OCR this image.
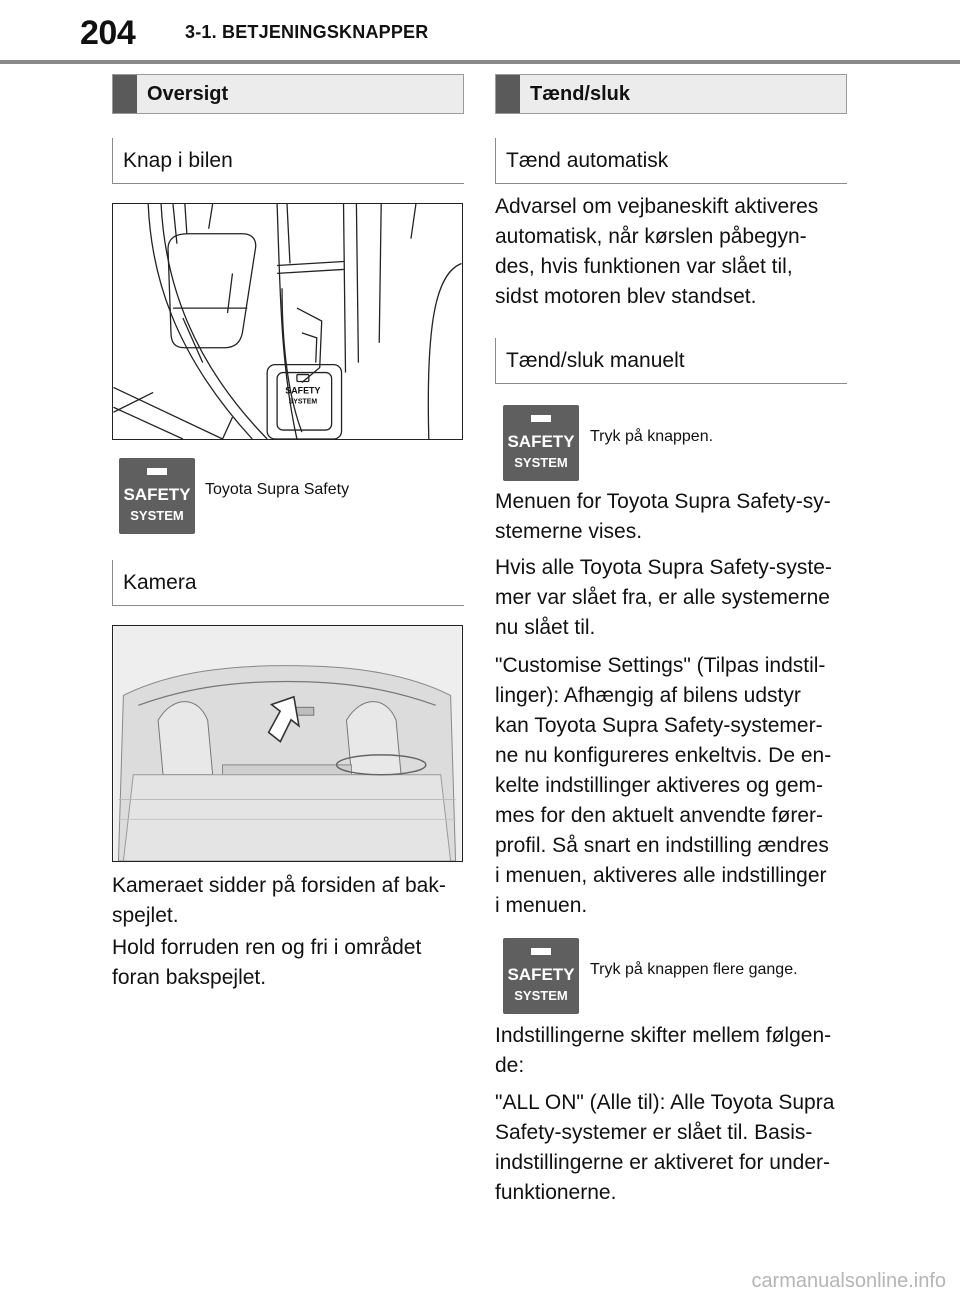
204	3-1. BETJENINGSKNAPPER
Oversigt
Knap i bilen
SAFETY
SYSTEM
SAFETY
SYSTEM
Toyota Supra Safety
Kamera
Kameraet sidder på forsiden af bak-
spejlet.
Hold forruden ren og fri i området
foran bakspejlet.
Tænd/sluk
Tænd automatisk
Advarsel om vejbaneskift aktiveres
automatisk, når kørslen påbegyn-
des, hvis funktionen var slået til,
sidst motoren blev standset.
Tænd/sluk manuelt
SAFETY
SYSTEM
Tryk på knappen.
Menuen for Toyota Supra Safety-sy-
stemerne vises.
Hvis alle Toyota Supra Safety-syste-
mer var slået fra, er alle systemerne
nu slået til.
"Customise Settings" (Tilpas indstil-
linger): Afhængig af bilens udstyr
kan Toyota Supra Safety-systemer-
ne nu konfigureres enkeltvis. De en-
kelte indstillinger aktiveres og gem-
mes for den aktuelt anvendte fører-
profil. Så snart en indstilling ændres
i menuen, aktiveres alle indstillinger
i menuen.
SAFETY
SYSTEM
Tryk på knappen flere gange.
Indstillingerne skifter mellem følgen-
de:
"ALL ON" (Alle til): Alle Toyota Supra
Safety-systemer er slået til. Basis-
indstillingerne er aktiveret for under-
funktionerne.
carmanualsonline.info
